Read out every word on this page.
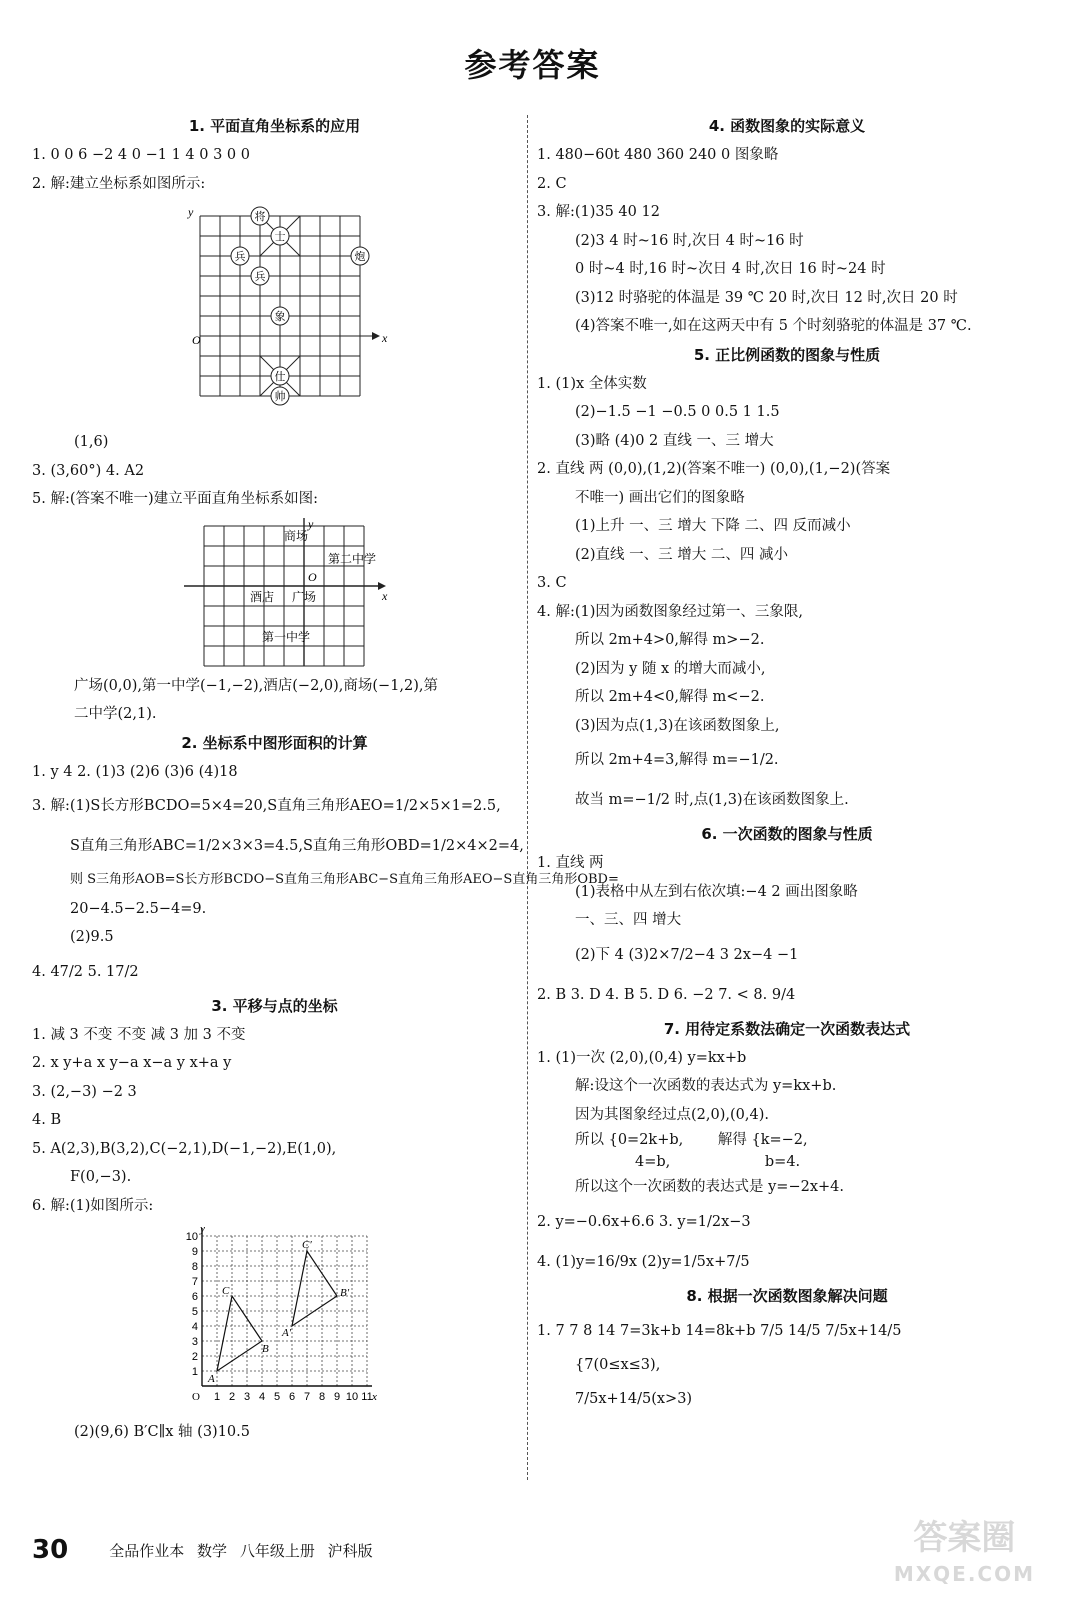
参考答案
1. 平面直角坐标系的应用
1. 0 0 6 −2 4 0 −1 1 4 0 3 0 0
2. 解:建立坐标系如图所示:
x
y
O
将
士
兵
兵
炮
象
仕
帅
(1,6)
3. (3,60°) 4. A2
5. 解:(答案不唯一)建立平面直角坐标系如图:
x
y
O
商场
第二中学
酒店 广场
第一中学
广场(0,0),第一中学(−1,−2),酒店(−2,0),商场(−1,2),第
二中学(2,1).
2. 坐标系中图形面积的计算
1. y 4 2. (1)3 (2)6 (3)6 (4)18
3. 解:(1)S长方形BCDO=5×4=20,S直角三角形AEO=1/2×5×1=2.5,
S直角三角形ABC=1/2×3×3=4.5,S直角三角形OBD=1/2×4×2=4,
则 S三角形AOB=S长方形BCDO−S直角三角形ABC−S直角三角形AEO−S直角三角形OBD=
20−4.5−2.5−4=9.
(2)9.5
4. 47/2 5. 17/2
3. 平移与点的坐标
1. 减 3 不变 不变 减 3 加 3 不变
2. x y+a x y−a x−a y x+a y
3. (2,−3) −2 3
4. B
5. A(2,3),B(3,2),C(−2,1),D(−1,−2),E(1,0),
F(0,−3).
6. 解:(1)如图所示:
y
x
O
A
B
C
A′
B′
C′
1 2 3 4 5 6 7 8 9 10 11
1
2
3
4
5
6
7
8
9
10
(2)(9,6) B′C∥x 轴 (3)10.5
4. 函数图象的实际意义
1. 480−60t 480 360 240 0 图象略
2. C
3. 解:(1)35 40 12
(2)3 4 时~16 时,次日 4 时~16 时
0 时~4 时,16 时~次日 4 时,次日 16 时~24 时
(3)12 时骆驼的体温是 39 ℃ 20 时,次日 12 时,次日 20 时
(4)答案不唯一,如在这两天中有 5 个时刻骆驼的体温是 37 ℃.
5. 正比例函数的图象与性质
1. (1)x 全体实数
(2)−1.5 −1 −0.5 0 0.5 1 1.5
(3)略 (4)0 2 直线 一、三 增大
2. 直线 两 (0,0),(1,2)(答案不唯一) (0,0),(1,−2)(答案
不唯一) 画出它们的图象略
(1)上升 一、三 增大 下降 二、四 反而减小
(2)直线 一、三 增大 二、四 减小
3. C
4. 解:(1)因为函数图象经过第一、三象限,
所以 2m+4>0,解得 m>−2.
(2)因为 y 随 x 的增大而减小,
所以 2m+4<0,解得 m<−2.
(3)因为点(1,3)在该函数图象上,
所以 2m+4=3,解得 m=−1/2.
故当 m=−1/2 时,点(1,3)在该函数图象上.
6. 一次函数的图象与性质
1. 直线 两
(1)表格中从左到右依次填:−4 2 画出图象略
一、三、四 增大
(2)下 4 (3)2×7/2−4 3 2x−4 −1
2. B 3. D 4. B 5. D 6. −2 7. < 8. 9/4
7. 用待定系数法确定一次函数表达式
1. (1)一次 (2,0),(0,4) y=kx+b
解:设这个一次函数的表达式为 y=kx+b.
因为其图象经过点(2,0),(0,4).
所以 {0=2k+b, 解得 {k=−2,
4=b,	b=4.
所以这个一次函数的表达式是 y=−2x+4.
2. y=−0.6x+6.6 3. y=1/2x−3
4. (1)y=16/9x (2)y=1/5x+7/5
8. 根据一次函数图象解决问题
1. 7 7 8 14 7=3k+b 14=8k+b 7/5 14/5 7/5x+14/5
{7(0≤x≤3),
7/5x+14/5(x>3)
30	全品作业本 数学 八年级上册 沪科版	答案圈
MXQE.COM
